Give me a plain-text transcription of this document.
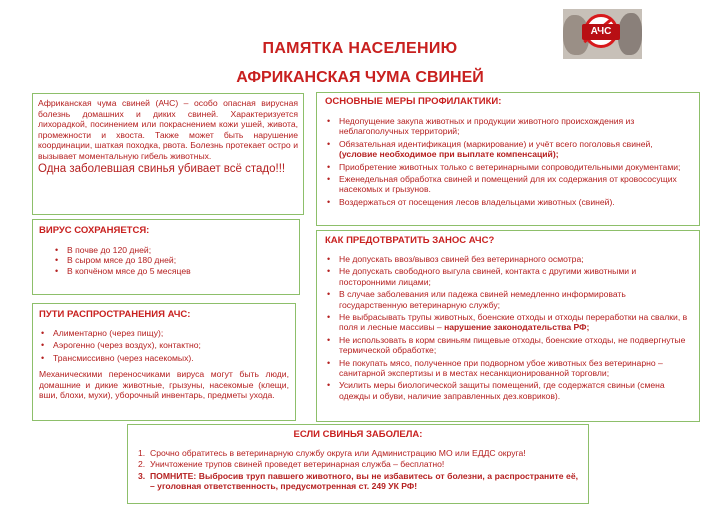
АЧС
ПАМЯТКА НАСЕЛЕНИЮ
АФРИКАНСКАЯ ЧУМА СВИНЕЙ
Африканская чума свиней (АЧС) – особо опасная вирусная болезнь домашних и диких свиней. Характеризуется лихорадкой, посинением или покраснением кожи ушей, живота, промежности и хвоста. Также может быть нарушение координации, шаткая походка, рвота. Болезнь протекает остро и вызывает моментальную гибель животных.
Одна заболевшая свинья убивает всё стадо!!!
ОСНОВНЫЕ МЕРЫ ПРОФИЛАКТИКИ:
• Недопущение закупа животных и продукции животного происхождения из неблагополучных территорий;
• Обязательная идентификация (маркирование) и учёт всего поголовья свиней, (условие необходимое при выплате компенсаций);
• Приобретение животных только с ветеринарными сопроводительными документами;
• Еженедельная обработка свиней и помещений для их содержания от кровососущих насекомых и грызунов.
• Воздержаться от посещения лесов владельцами животных (свиней).
ВИРУС СОХРАНЯЕТСЯ:
• В почве до 120 дней;
• В сыром мясе до 180 дней;
• В копчёном мясе до 5 месяцев
ПУТИ РАСПРОСТРАНЕНИЯ АЧС:
• Алиментарно (через пищу);
• Аэрогенно (через воздух), контактно;
• Трансмиссивно (через насекомых).
Механическими переносчиками вируса могут быть люди, домашние и дикие животные, грызуны, насекомые (клещи, вши, блохи, мухи), уборочный инвентарь, предметы ухода.
КАК ПРЕДОТВРАТИТЬ ЗАНОС АЧС?
• Не допускать ввоз/вывоз свиней без ветеринарного осмотра;
• Не допускать свободного выгула свиней, контакта с другими животными и посторонними лицами;
• В случае заболевания или падежа свиней немедленно информировать государственную ветеринарную службу;
• Не выбрасывать трупы животных, боенские отходы и отходы переработки на свалки, в поля и лесные массивы – нарушение законодательства РФ;
• Не использовать в корм свиньям пищевые отходы, боенские отходы, не подвергнутые термической обработке;
• Не покупать мясо, полученное при подворном убое животных без ветеринарно – санитарной экспертизы и в местах несанкционированной торговли;
• Усилить меры биологической защиты помещений, где содержатся свиньи (смена одежды и обуви, наличие заправленных дез.ковриков).
ЕСЛИ СВИНЬЯ ЗАБОЛЕЛА:
1. Срочно обратитесь в ветеринарную службу округа или Администрацию МО или ЕДДС округа!
2. Уничтожение трупов свиней проведет ветеринарная служба – бесплатно!
3. ПОМНИТЕ: Выбросив труп павшего животного, вы не избавитесь от болезни, а распространите её, – уголовная ответственность, предусмотренная ст. 249 УК РФ!
